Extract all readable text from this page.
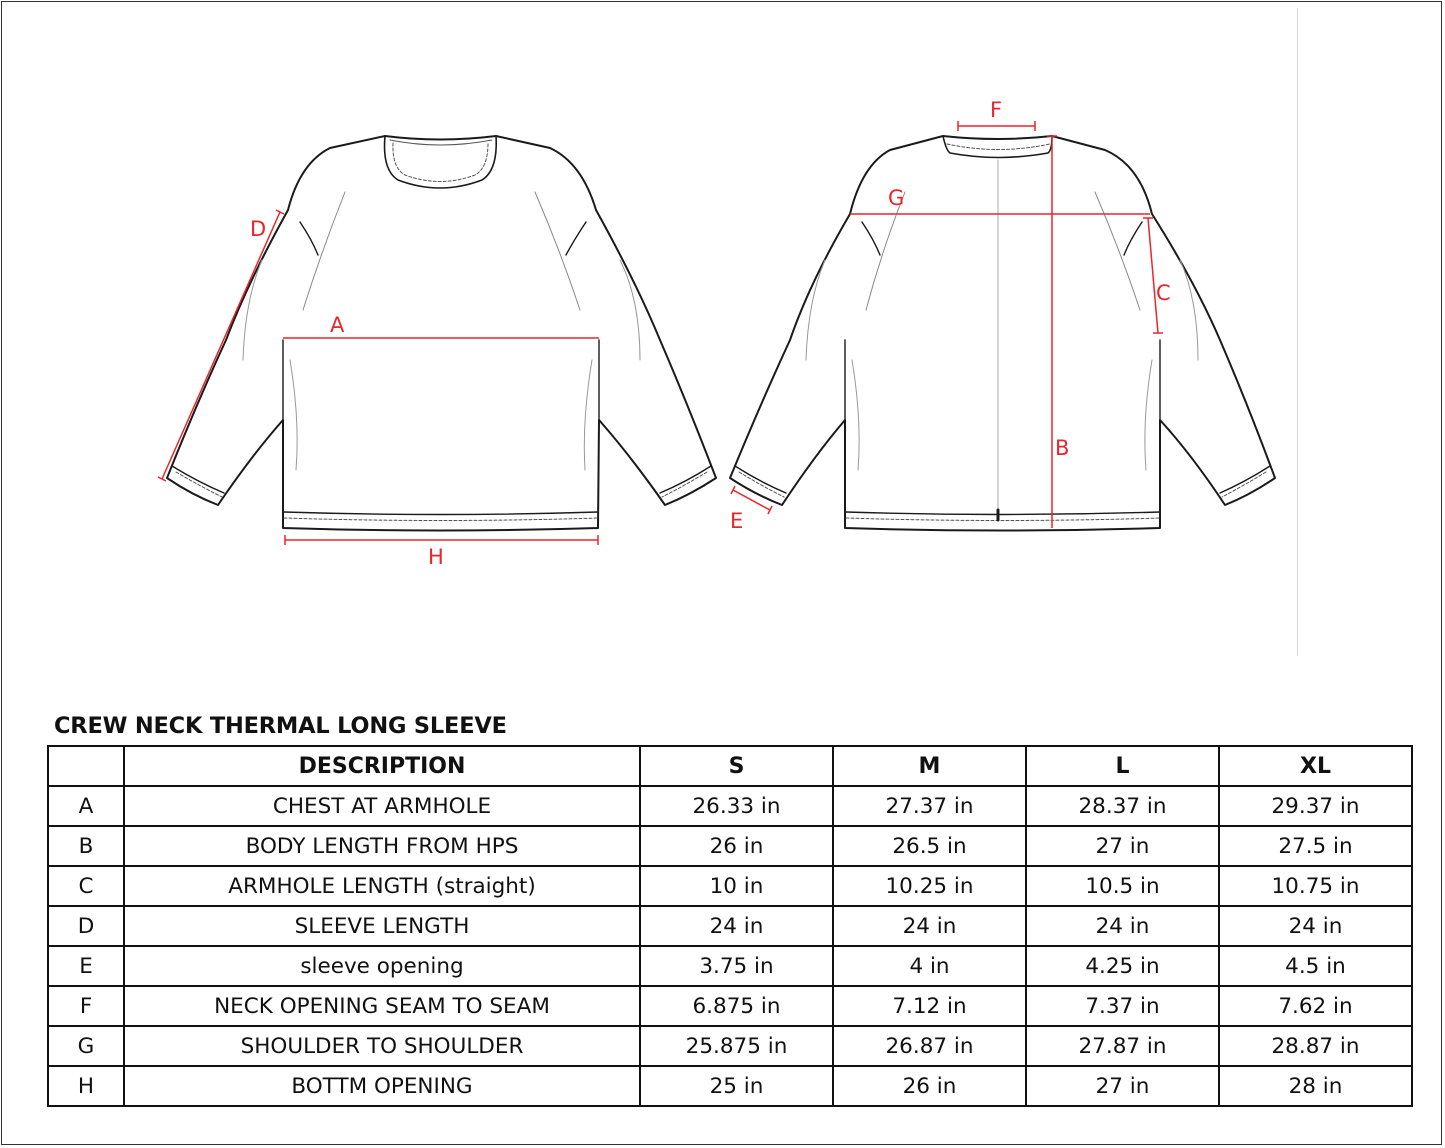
A
H
D
E
F
G
C
B
CREW NECK THERMAL LONG SLEEVE
	DESCRIPTION	S	M	L	XL
A	CHEST AT ARMHOLE	26.33 in	27.37 in	28.37 in	29.37 in
B	BODY LENGTH FROM HPS	26 in	26.5 in	27 in	27.5 in
C	ARMHOLE LENGTH (straight)	10 in	10.25 in	10.5 in	10.75 in
D	SLEEVE LENGTH	24 in	24 in	24 in	24 in
E	sleeve opening	3.75 in	4 in	4.25 in	4.5 in
F	NECK OPENING SEAM TO SEAM	6.875 in	7.12 in	7.37 in	7.62 in
G	SHOULDER TO SHOULDER	25.875 in	26.87 in	27.87 in	28.87 in
H	BOTTM OPENING	25 in	26 in	27 in	28 in
